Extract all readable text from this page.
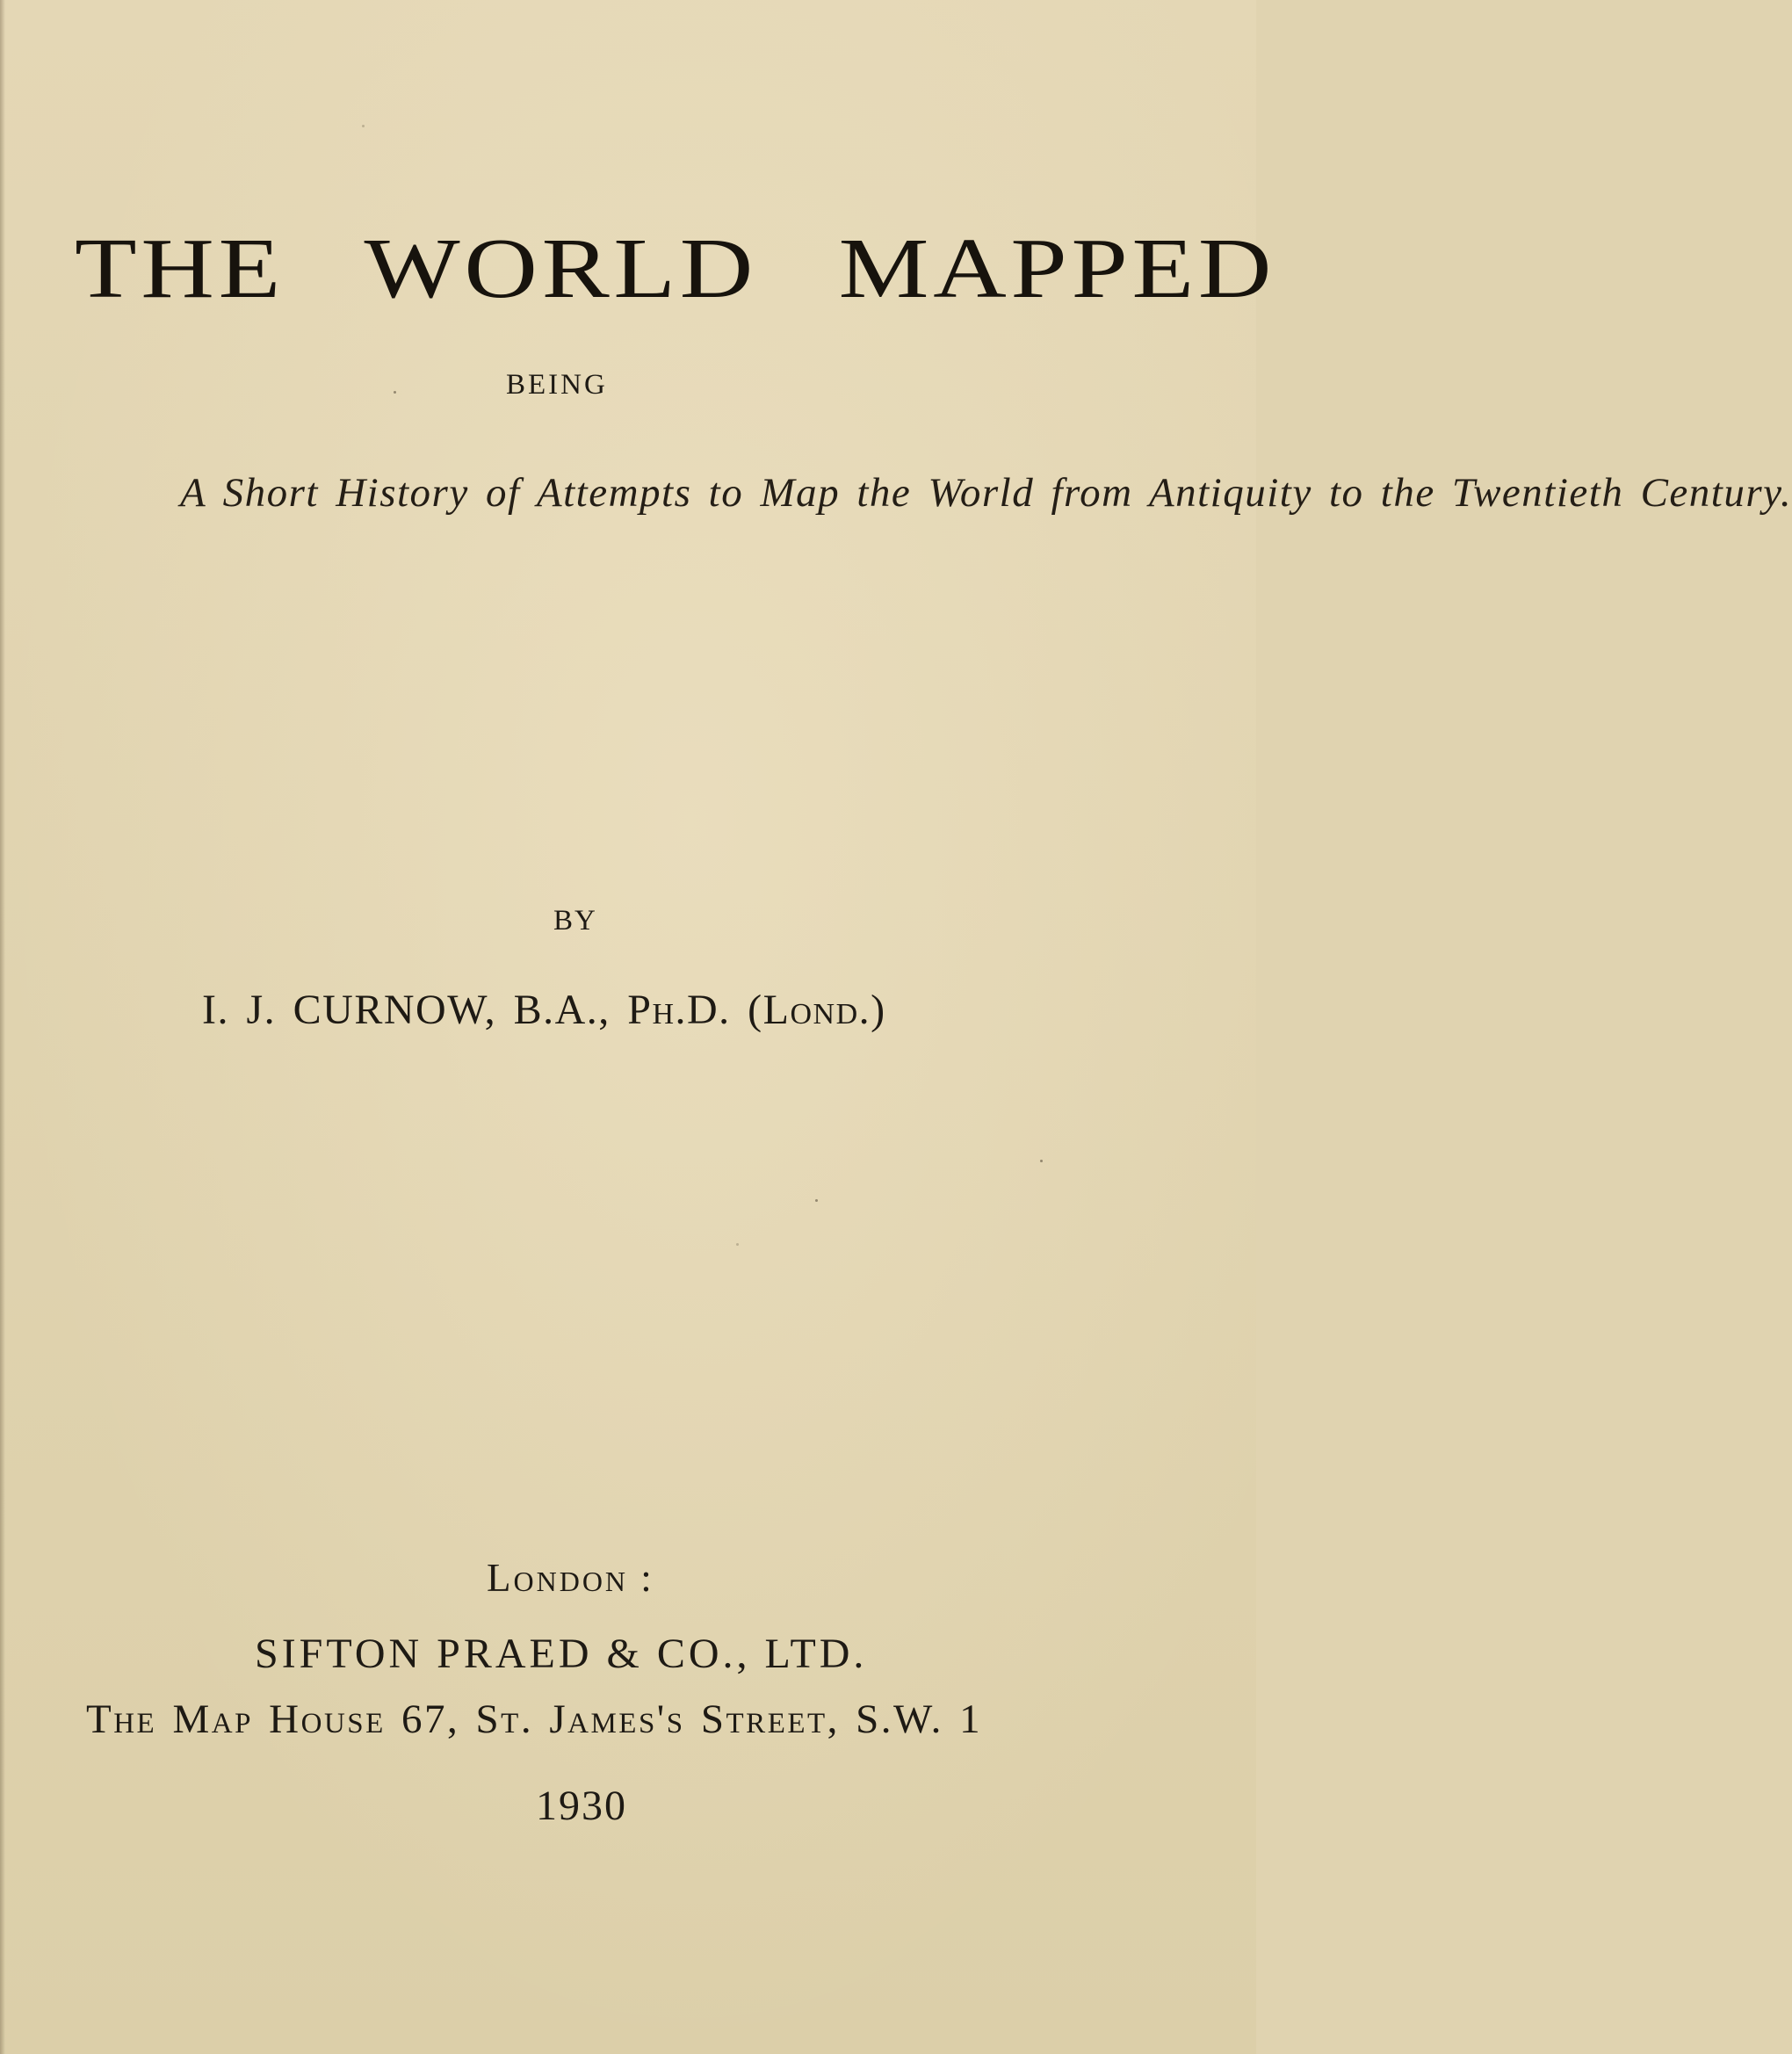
THE WORLD MAPPED

BEING

A Short History of Attempts to Map the World from Antiquity to the Twentieth Century.

BY

I. J. CURNOW, B.A., Ph.D. (Lond.)

London :

SIFTON PRAED & CO., LTD.

The Map House 67, St. James's Street, S.W. 1

1930
